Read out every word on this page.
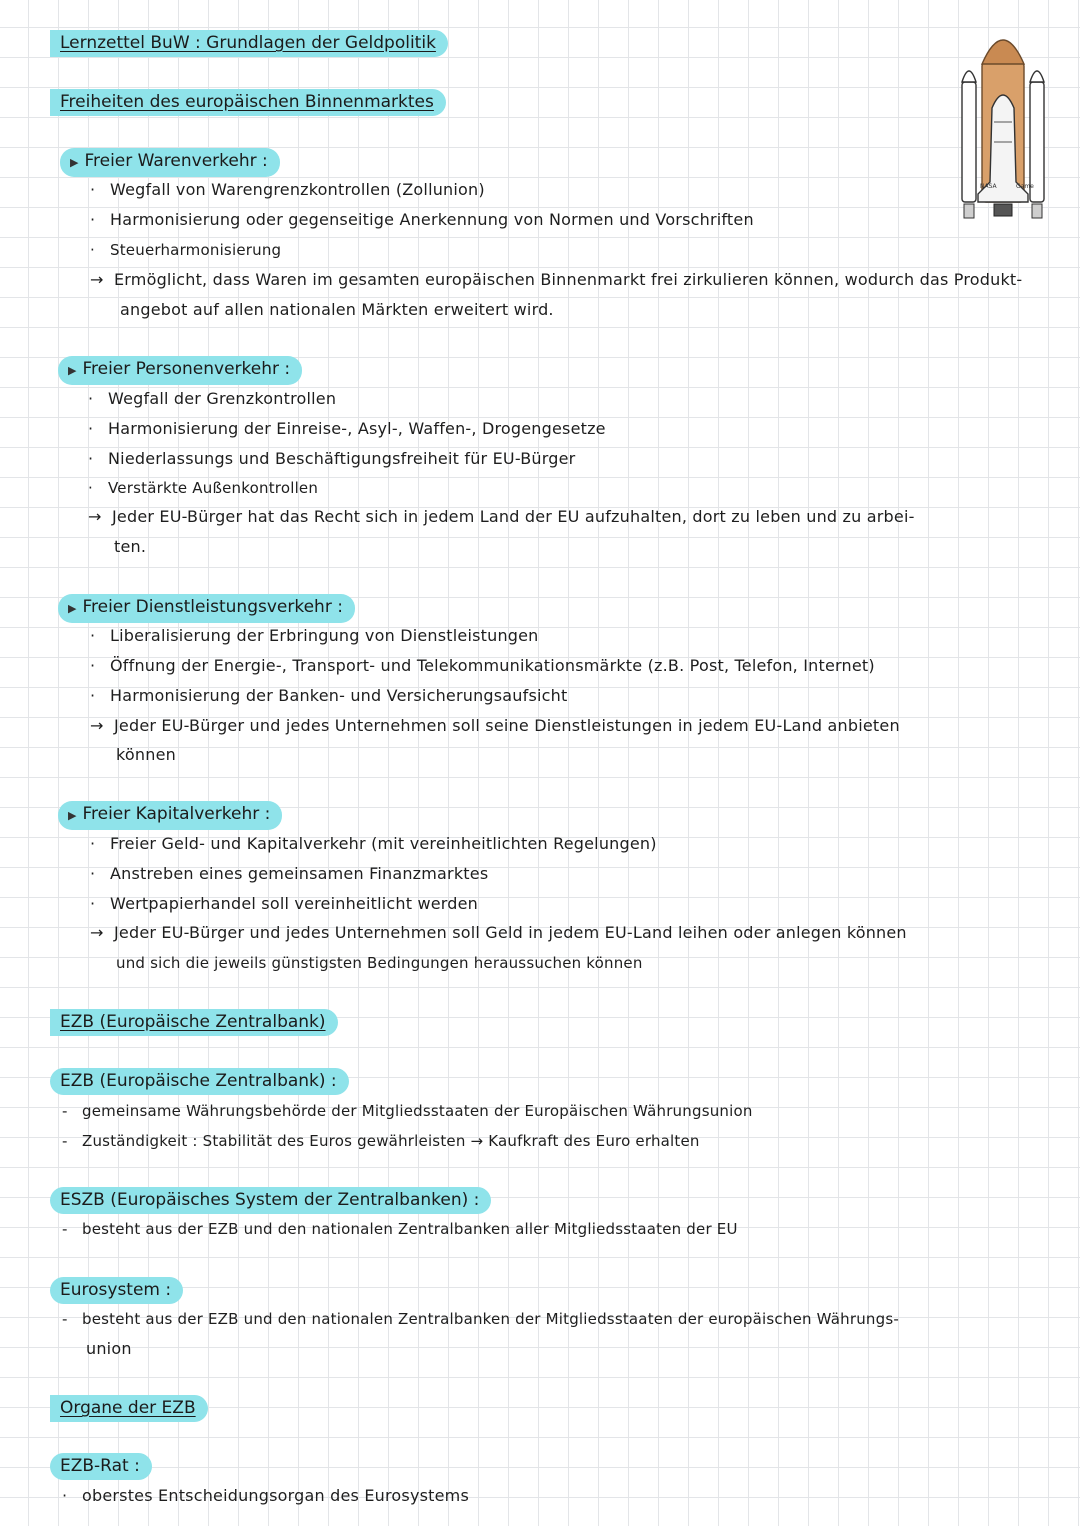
Lernzettel BuW : Grundlagen der Geldpolitik
NASA	Game
Freiheiten des europäischen Binnenmarktes
▶ Freier Warenverkehr :
· Wegfall von Warengrenzkontrollen (Zollunion)
· Harmonisierung oder gegenseitige Anerkennung von Normen und Vorschriften
· Steuerharmonisierung
→ Ermöglicht, dass Waren im gesamten europäischen Binnenmarkt frei zirkulieren können, wodurch das Produkt-
angebot auf allen nationalen Märkten erweitert wird.
▶ Freier Personenverkehr :
· Wegfall der Grenzkontrollen
· Harmonisierung der Einreise-, Asyl-, Waffen-, Drogengesetze
· Niederlassungs und Beschäftigungsfreiheit für EU-Bürger
· Verstärkte Außenkontrollen
→ Jeder EU-Bürger hat das Recht sich in jedem Land der EU aufzuhalten, dort zu leben und zu arbei-
ten.
▶ Freier Dienstleistungsverkehr :
· Liberalisierung der Erbringung von Dienstleistungen
· Öffnung der Energie-, Transport- und Telekommunikationsmärkte (z.B. Post, Telefon, Internet)
· Harmonisierung der Banken- und Versicherungsaufsicht
→ Jeder EU-Bürger und jedes Unternehmen soll seine Dienstleistungen in jedem EU-Land anbieten
können
▶ Freier Kapitalverkehr :
· Freier Geld- und Kapitalverkehr (mit vereinheitlichten Regelungen)
· Anstreben eines gemeinsamen Finanzmarktes
· Wertpapierhandel soll vereinheitlicht werden
→ Jeder EU-Bürger und jedes Unternehmen soll Geld in jedem EU-Land leihen oder anlegen können
und sich die jeweils günstigsten Bedingungen heraussuchen können
EZB (Europäische Zentralbank)
EZB (Europäische Zentralbank) :
- gemeinsame Währungsbehörde der Mitgliedsstaaten der Europäischen Währungsunion
- Zuständigkeit : Stabilität des Euros gewährleisten → Kaufkraft des Euro erhalten
ESZB (Europäisches System der Zentralbanken) :
- besteht aus der EZB und den nationalen Zentralbanken aller Mitgliedsstaaten der EU
Eurosystem :
- besteht aus der EZB und den nationalen Zentralbanken der Mitgliedsstaaten der europäischen Währungs-
union
Organe der EZB
EZB-Rat :
· oberstes Entscheidungsorgan des Eurosystems
